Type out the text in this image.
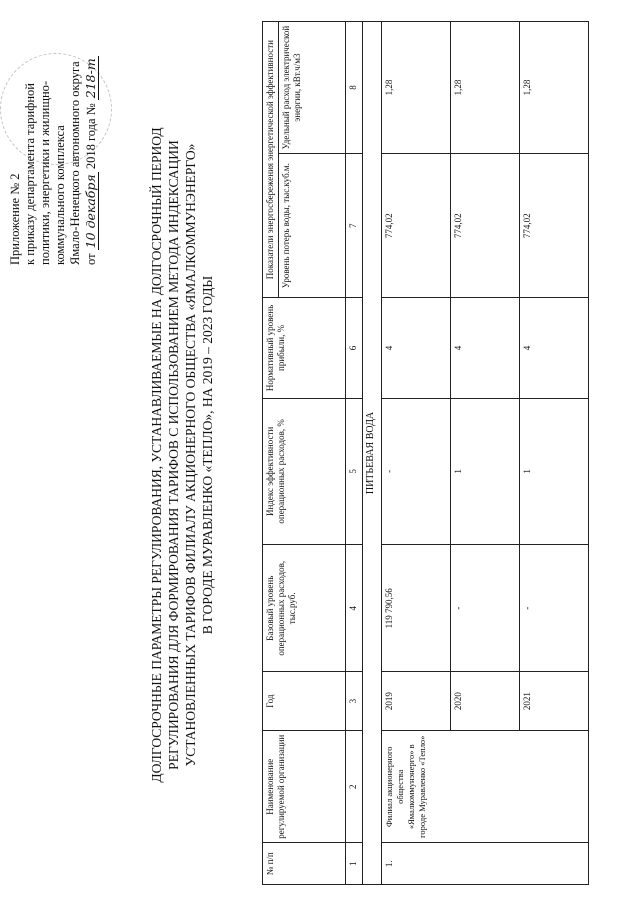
Приложение № 2 к приказу департамента тарифной политики, энергетики и жилищно- коммунального комплекса Ямало-Ненецкого автономного округа от 10 декабря 2018 года № 218-т
ДОЛГОСРОЧНЫЕ ПАРАМЕТРЫ РЕГУЛИРОВАНИЯ, УСТАНАВЛИВАЕМЫЕ НА ДОЛГОСРОЧНЫЙ ПЕРИОД РЕГУЛИРОВАНИЯ ДЛЯ ФОРМИРОВАНИЯ ТАРИФОВ С ИСПОЛЬЗОВАНИЕМ МЕТОДА ИНДЕКСАЦИИ УСТАНОВЛЕННЫХ ТАРИФОВ ФИЛИАЛУ АКЦИОНЕРНОГО ОБЩЕСТВА «ЯМАЛКОММУНЭНЕРГО» В ГОРОДЕ МУРАВЛЕНКО «ТЕПЛО», НА 2019 – 2023 ГОДЫ
№ п/п	Наименование регулируемой организации	Год	Базовый уровень операционных расходов, тыс.руб.	Индекс эффективности операционных расходов, %	Нормативный уровень прибыли, %	Показатели энергосбережения энергетической эффективности	
						Уровень потерь воды, тыс.куб.м.	Удельный расход электрической энергии, кВт.ч/м3
1	2	3	4	5	6	7	8
ПИТЬЕВАЯ ВОДА							
1.	Филиал акционерного общества «Ямалкоммунэнерго» в городе Муравленко «Тепло»	2019	119 790,56	-	4	774,02	1,28
		2020	-	1	4	774,02	1,28
		2021	-	1	4	774,02	1,28
